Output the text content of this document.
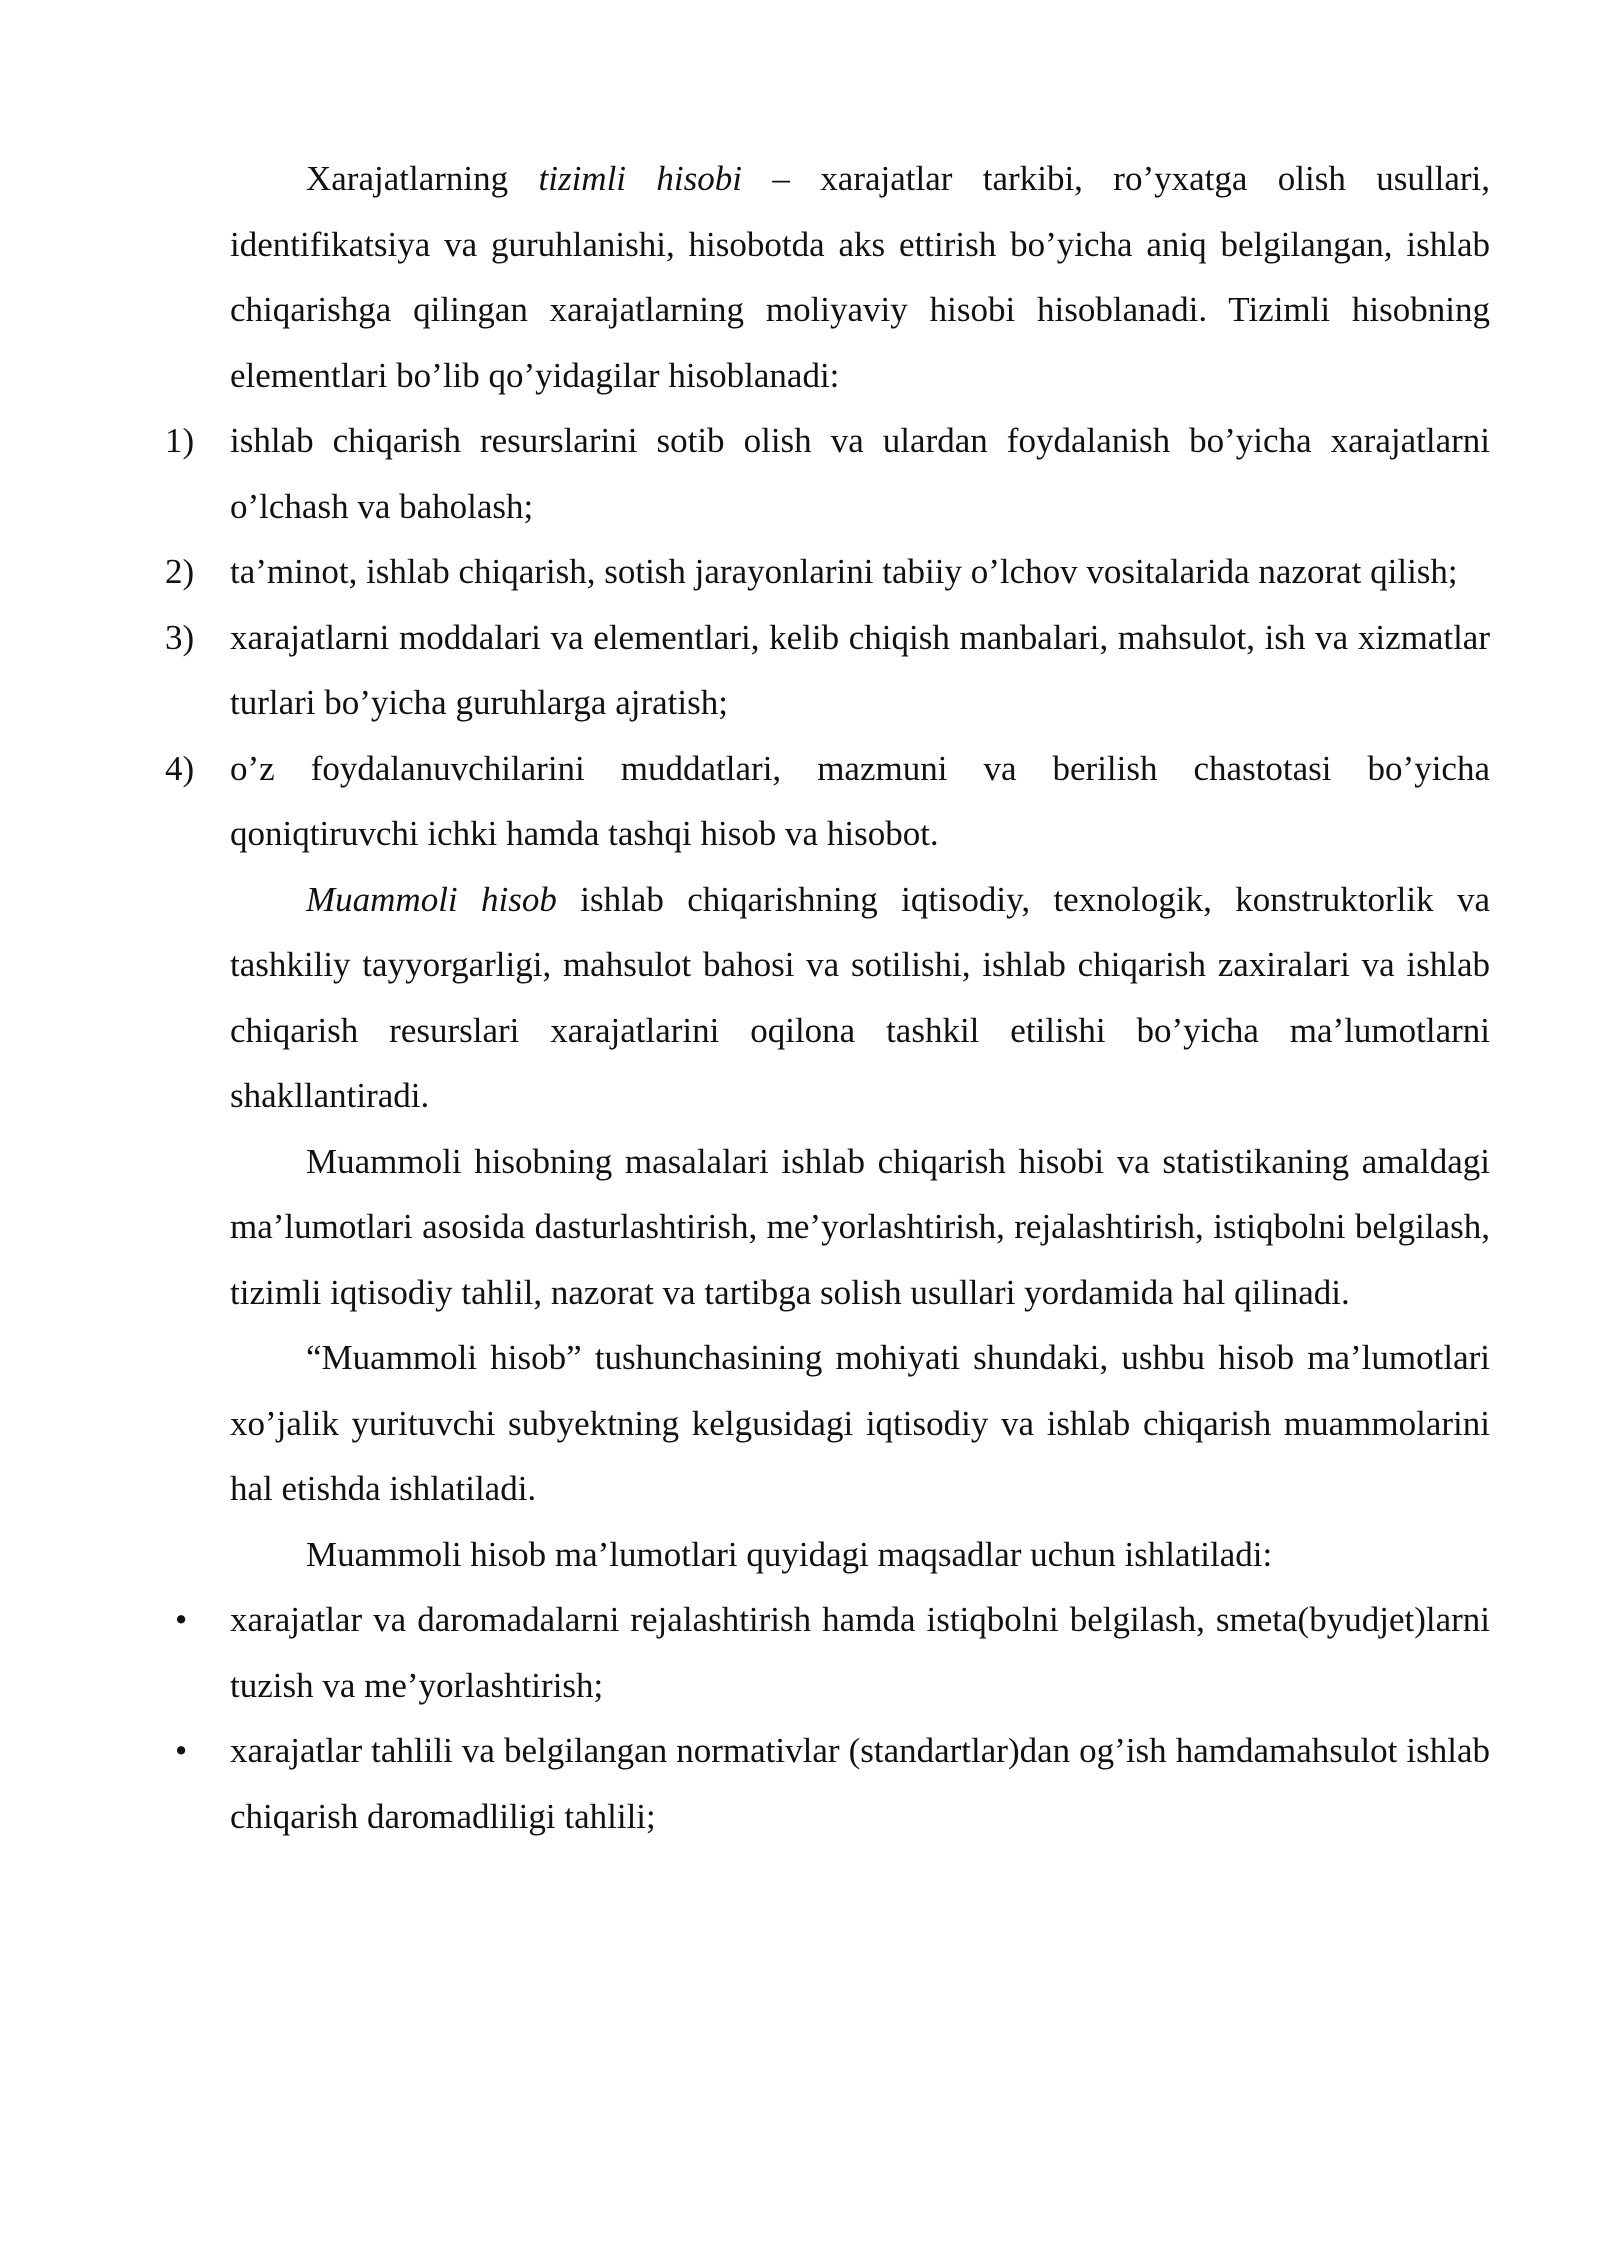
Xarajatlarning tizimli hisobi – xarajatlar tarkibi, ro’yxatga olish usullari, identifikatsiya va guruhlanishi, hisobotda aks ettirish bo’yicha aniq belgilangan, ishlab chiqarishga qilingan xarajatlarning moliyaviy hisobi hisoblanadi. Tizimli hisobning elementlari bo’lib qo’yidagilar hisoblanadi:

1)	ishlab chiqarish resurslarini sotib olish va ulardan foydalanish bo’yicha xarajatlarni o’lchash va baholash;

2)	ta’minot, ishlab chiqarish, sotish jarayonlarini tabiiy o’lchov vositalarida nazorat qilish;

3)	xarajatlarni moddalari va elementlari, kelib chiqish manbalari, mahsulot, ish va xizmatlar turlari bo’yicha guruhlarga ajratish;

4)	o’z foydalanuvchilarini muddatlari, mazmuni va berilish chastotasi bo’yicha qoniqtiruvchi ichki hamda tashqi hisob va hisobot.

Muammoli hisob ishlab chiqarishning iqtisodiy, texnologik, konstruktorlik va tashkiliy tayyorgarligi, mahsulot bahosi va sotilishi, ishlab chiqarish zaxiralari va ishlab chiqarish resurslari xarajatlarini oqilona tashkil etilishi bo’yicha ma’lumotlarni shakllantiradi.

Muammoli hisobning masalalari ishlab chiqarish hisobi va statistikaning amaldagi ma’lumotlari asosida dasturlashtirish, me’yorlashtirish, rejalashtirish, istiqbolni belgilash, tizimli iqtisodiy tahlil, nazorat va tartibga solish usullari yordamida hal qilinadi.

“Muammoli hisob” tushunchasining mohiyati shundaki, ushbu hisob ma’lumotlari xo’jalik yurituvchi subyektning kelgusidagi iqtisodiy va ishlab chiqarish muammolarini hal etishda ishlatiladi.

Muammoli hisob ma’lumotlari quyidagi maqsadlar uchun ishlatiladi:

•	xarajatlar va daromadalarni rejalashtirish hamda istiqbolni belgilash, smeta(byudjet)larni tuzish va me’yorlashtirish;

•	xarajatlar tahlili va belgilangan normativlar (standartlar)dan og’ish hamdamahsulot ishlab chiqarish daromadliligi tahlili;
